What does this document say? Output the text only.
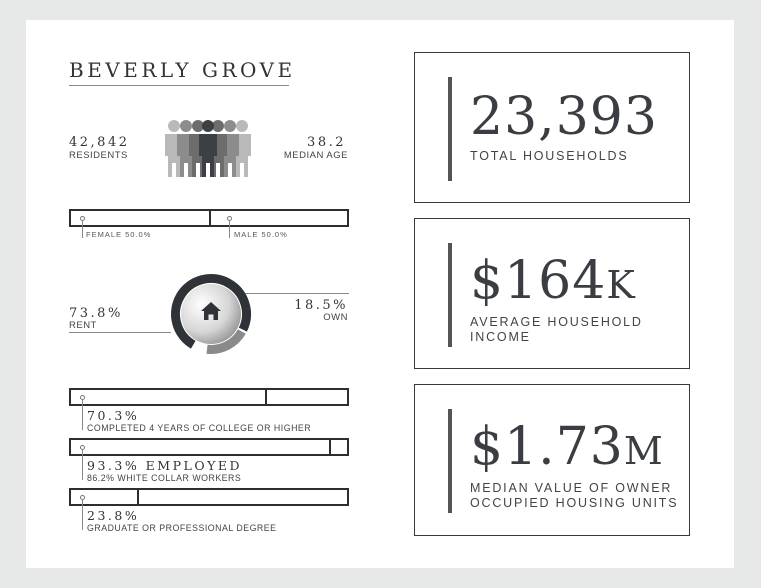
BEVERLY GROVE
42,842
RESIDENTS
38.2
MEDIAN AGE
FEMALE 50.0%	MALE 50.0%
73.8%
RENT
18.5%
OWN
70.3%
COMPLETED 4 YEARS OF COLLEGE OR HIGHER
93.3% EMPLOYED
86.2% WHITE COLLAR WORKERS
23.8%
GRADUATE OR PROFESSIONAL DEGREE
23,393
TOTAL HOUSEHOLDS
$164K
AVERAGE HOUSEHOLD INCOME
$1.73M
MEDIAN VALUE OF OWNER OCCUPIED HOUSING UNITS
